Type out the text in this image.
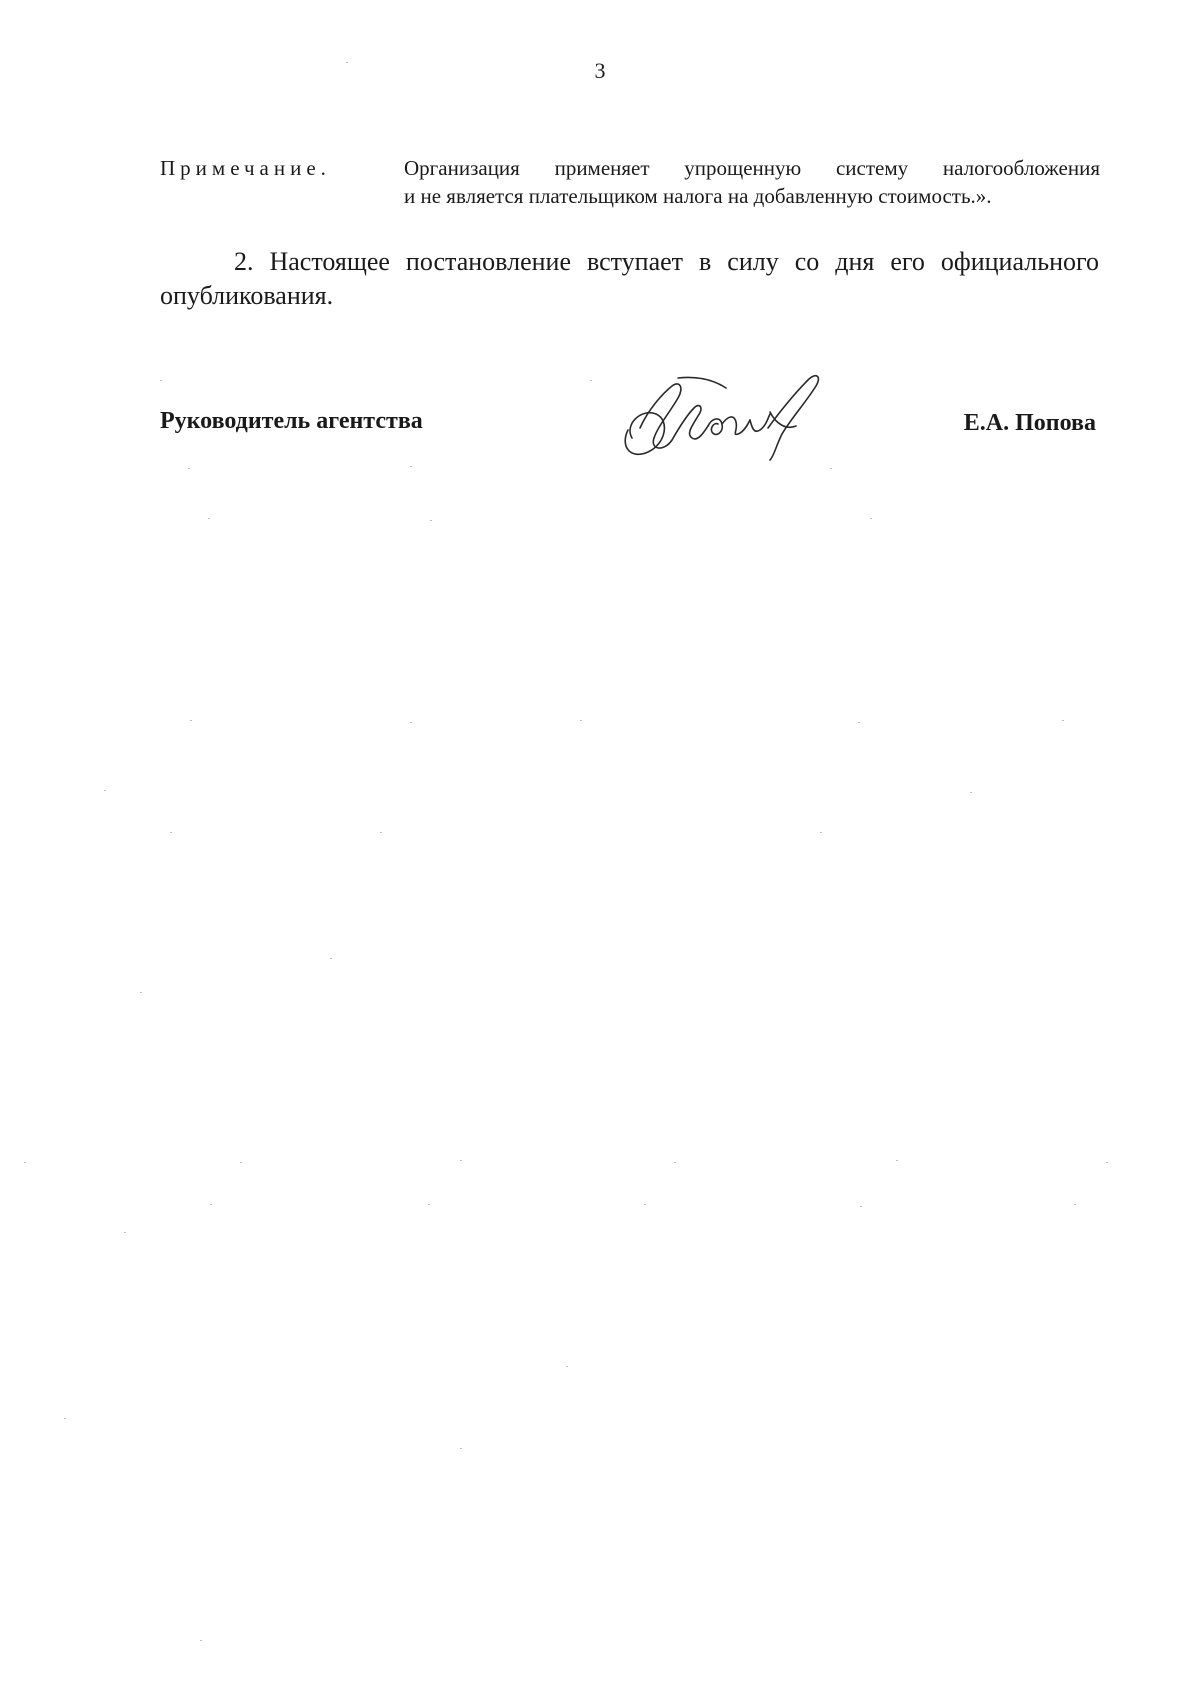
3
Примечание.	Организация применяет упрощенную систему налогообложения
и не является плательщиком налога на добавленную стоимость.».
2. Настоящее постановление вступает в силу со дня его официального
опубликования.
Руководитель агентства	Е.А. Попова
